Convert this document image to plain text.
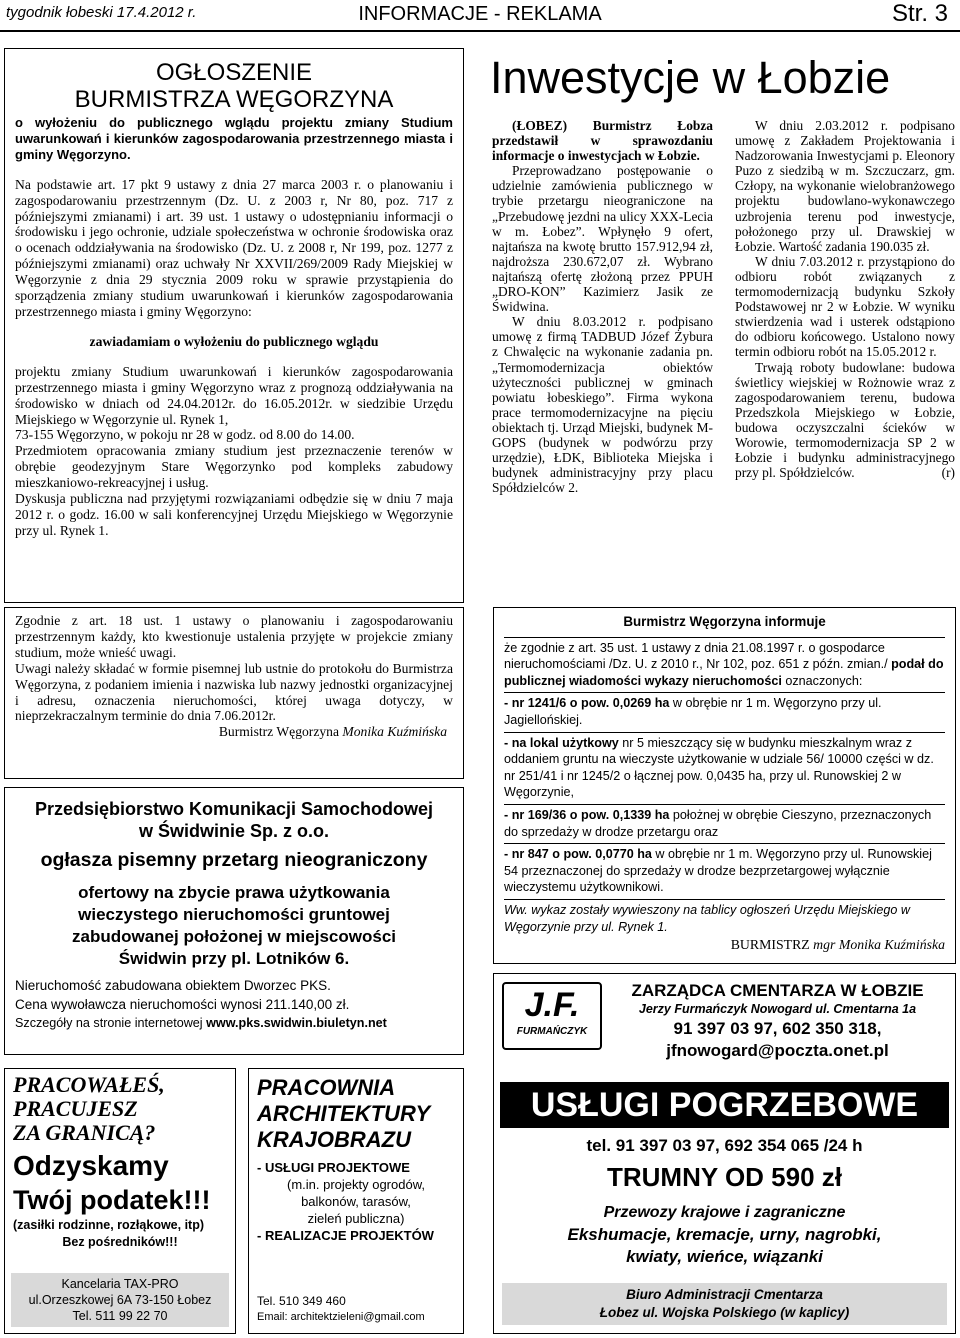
tygodnik łobeski 17.4.2012 r.	INFORMACJE - REKLAMA	Str. 3
OGŁOSZENIE
BURMISTRZA WĘGORZYNA

o wyłożeniu do publicznego wglądu projektu zmiany Studium uwarunkowań i kierunków zagospodarowania przestrzennego miasta i gminy Węgorzyno.

Na podstawie art. 17 pkt 9 ustawy z dnia 27 marca 2003 r. o planowaniu i zagospodarowaniu przestrzennym (Dz. U. z 2003 r, Nr 80, poz. 717 z późniejszymi zmianami) i art. 39 ust. 1 ustawy o udostępnianiu informacji o środowisku i jego ochronie, udziale społeczeństwa w ochronie środowiska oraz o ocenach oddziaływania na środowisko (Dz. U. z 2008 r, Nr 199, poz. 1277 z późniejszymi zmianami) oraz uchwały Nr XXVII/269/2009 Rady Miejskiej w Węgorzynie z dnia 29 stycznia 2009 roku w sprawie przystąpienia do sporządzenia zmiany studium uwarunkowań i kierunków zagospodarowania przestrzennego miasta i gminy Węgorzyno:

zawiadamiam o wyłożeniu do publicznego wglądu

projektu zmiany Studium uwarunkowań i kierunków zagospodarowania przestrzennego miasta i gminy Węgorzyno wraz z prognozą oddziaływania na środowisko w dniach od 24.04.2012r. do 16.05.2012r. w siedzibie Urzędu Miejskiego w Węgorzynie ul. Rynek 1,

73-155 Węgorzyno, w pokoju nr 28 w godz. od 8.00 do 14.00.

Przedmiotem opracowania zmiany studium jest przeznaczenie terenów w obrębie geodezyjnym Stare Węgorzynko pod kompleks zabudowy mieszkaniowo-rekreacyjnej i usług.

Dyskusja publiczna nad przyjętymi rozwiązaniami odbędzie się w dniu 7 maja 2012 r. o godz. 16.00 w sali konferencyjnej Urzędu Miejskiego w Węgorzynie przy ul. Rynek 1.

Zgodnie z art. 18 ust. 1 ustawy o planowaniu i zagospodarowaniu przestrzennym każdy, kto kwestionuje ustalenia przyjęte w projekcie zmiany studium, może wnieść uwagi.

Uwagi należy składać w formie pisemnej lub ustnie do protokołu do Burmistrza Węgorzyna, z podaniem imienia i nazwiska lub nazwy jednostki organizacyjnej i adresu, oznaczenia nieruchomości, której uwaga dotyczy, w nieprzekraczalnym terminie do dnia 7.06.2012r.

Burmistrz Węgorzyna Monika Kuźmińska

Inwestycje w Łobzie

(ŁOBEZ) Burmistrz Łobza przedstawił w sprawozdaniu informacje o inwestycjach w Łobzie.

Przeprowadzano postępowanie o udzielnie zamówienia publicznego w trybie przetargu nieograniczone na „Przebudowę jezdni na ulicy XXX-Lecia w m. Łobez”. Wpłynęło 9 ofert, najtańsza na kwotę brutto 157.912,94 zł, najdroższa 230.672,07 zł. Wybrano najtańszą ofertę złożoną przez PPUH „DRO-KON” Kazimierz Jasik ze Świdwina.

W dniu 8.03.2012 r. podpisano umowę z firmą TADBUD Józef Żybura z Chwalęcic na wykonanie zadania pn. „Termomodernizacja obiektów użyteczności publicznej w gminach powiatu łobeskiego”. Firma wykona prace termomodernizacyjne na pięciu obiektach tj. Urząd Miejski, budynek M-GOPS (budynek w podwórzu przy urzędzie), ŁDK, Biblioteka Miejska i budynek administracyjny przy placu Spółdzielców 2.

W dniu 2.03.2012 r. podpisano umowę z Zakładem Projektowania i Nadzorowania Inwestycjami p. Eleonory Puzo z siedzibą w m. Szczuczarz, gm. Człopy, na wykonanie wielobranżowego projektu budowlano-wykonawczego uzbrojenia terenu pod inwestycje, położonego przy ul. Drawskiej w Łobzie. Wartość zadania 190.035 zł.

W dniu 7.03.2012 r. przystąpiono do odbioru robót związanych z termomodernizacją budynku Szkoły Podstawowej nr 2 w Łobzie. W wyniku stwierdzenia wad i usterek odstąpiono do odbioru końcowego. Ustalono nowy termin odbioru robót na 15.05.2012 r.

Trwają roboty budowlane: budowa świetlicy wiejskiej w Rożnowie wraz z zagospodarowaniem terenu, budowa Przedszkola Miejskiego w Łobzie, budowa oczyszczalni ścieków w Worowie, termomodernizacja SP 2 w Łobzie i budynku administracyjnego przy pl. Spółdzielców.	(r)

Burmistrz Węgorzyna informuje

że zgodnie z art. 35 ust. 1 ustawy z dnia 21.08.1997 r. o gospodarce nieruchomościami /Dz. U. z 2010 r., Nr 102, poz. 651 z późn. zmian./ podał do publicznej wiadomości wykazy nieruchomości oznaczonych:

- nr 1241/6 o pow. 0,0269 ha w obrębie nr 1 m. Węgorzyno przy ul. Jagiellońskiej.

- na lokal użytkowy nr 5 mieszczący się w budynku mieszkalnym wraz z oddaniem gruntu na wieczyste użytkowanie w udziale 56/ 10000 części w dz. nr 251/41 i nr 1245/2 o łącznej pow. 0,0435 ha, przy ul. Runowskiej 2 w Węgorzynie,

- nr 169/36 o pow. 0,1339 ha położnej w obrębie Cieszyno, przeznaczonych do sprzedaży w drodze przetargu oraz

- nr 847 o pow. 0,0770 ha w obrębie nr 1 m. Węgorzyno przy ul. Runowskiej 54 przeznaczonej do sprzedaży w drodze bezprzetargowej wyłącznie wieczystemu użytkownikowi.

Ww. wykaz zostały wywieszony na tablicy ogłoszeń Urzędu Miejskiego w Węgorzynie przy ul. Rynek 1.

BURMISTRZ mgr Monika Kuźmińska
Przedsiębiorstwo Komunikacji Samochodowej
w Świdwinie Sp. z o.o.
ogłasza pisemny przetarg nieograniczony
ofertowy na zbycie prawa użytkowania
wieczystego nieruchomości gruntowej
zabudowanej położonej w miejscowości
Świdwin przy pl. Lotników 6.
Nieruchomość zabudowana obiektem Dworzec PKS.
Cena wywoławcza nieruchomości wynosi 211.140,00 zł.
Szczegóły na stronie internetowej www.pks.swidwin.biuletyn.net
PRACOWAŁEŚ,
PRACUJESZ
ZA GRANICĄ?
Odzyskamy
Twój podatek!!!
(zasiłki rodzinne, rozłąkowe, itp)
Bez pośredników!!!
Kancelaria TAX-PRO
ul.Orzeszkowej 6A 73-150 Łobez
Tel. 511 99 22 70
PRACOWNIA
ARCHITEKTURY
KRAJOBRAZU
- USŁUGI PROJEKTOWE
(m.in. projekty ogrodów,
balkonów, tarasów,
zieleń publiczna)
- REALIZACJE PROJEKTÓW
Tel. 510 349 460
Email: architektzieleni@gmail.com
J.F.
FURMAŃCZYK
ZARZĄDCA CMENTARZA W ŁOBZIE
Jerzy Furmańczyk Nowogard ul. Cmentarna 1a
91 397 03 97, 602 350 318,
jfnowogard@poczta.onet.pl
USŁUGI POGRZEBOWE
tel. 91 397 03 97, 692 354 065 /24 h
TRUMNY OD 590 zł
Przewozy krajowe i zagraniczne
Ekshumacje, kremacje, urny, nagrobki,
kwiaty, wieńce, wiązanki
Biuro Administracji Cmentarza
Łobez ul. Wojska Polskiego (w kaplicy)
